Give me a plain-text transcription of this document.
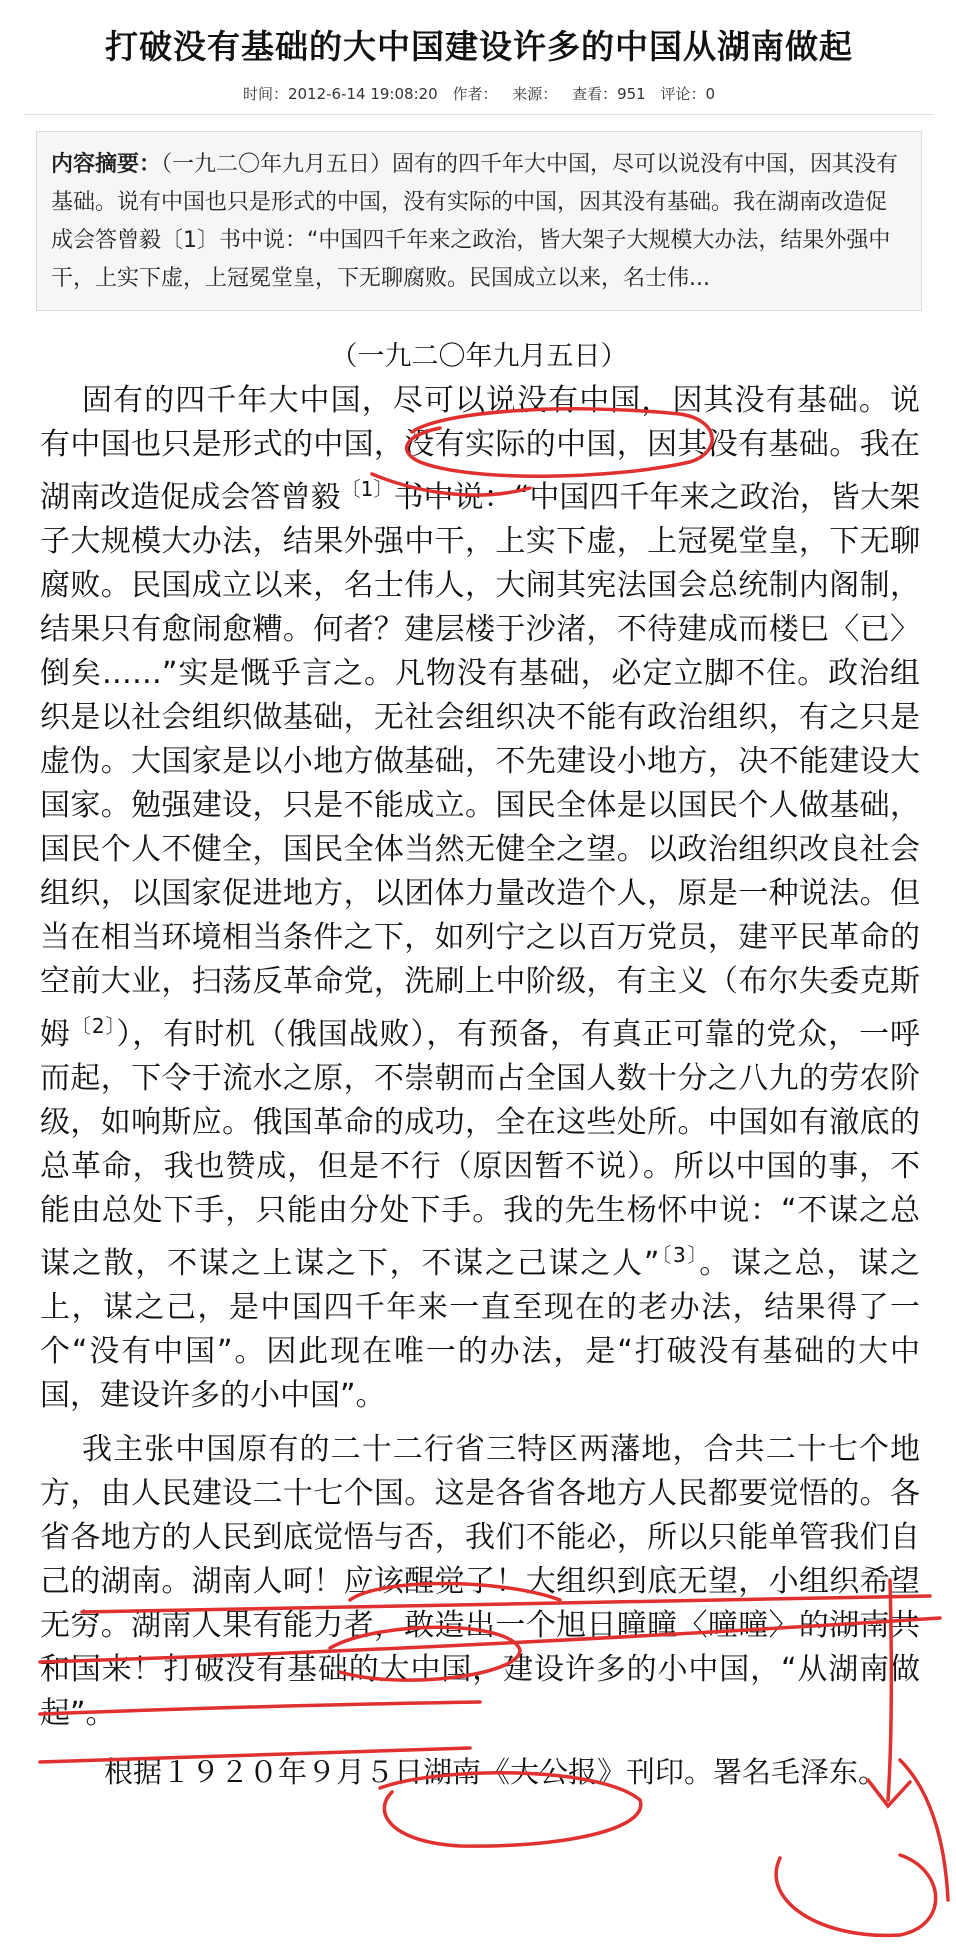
打破没有基础的大中国建设许多的中国从湖南做起
时间：2012-6-14 19:08:20 作者： 来源： 查看：951 评论：0
内容摘要：（一九二〇年九月五日）固有的四千年大中国，尽可以说没有中国，因其没有基础。说有中国也只是形式的中国，没有实际的中国，因其没有基础。我在湖南改造促成会答曾毅〔1〕书中说：“中国四千年来之政治，皆大架子大规模大办法，结果外强中干，上实下虚，上冠冕堂皇，下无聊腐败。民国成立以来，名士伟...
（一九二〇年九月五日）

固有的四千年大中国，尽可以说没有中国，因其没有基础。说有中国也只是形式的中国，没有实际的中国，因其没有基础。我在湖南改造促成会答曾毅$^{〔1〕}$书中说：“中国四千年来之政治，皆大架子大规模大办法，结果外强中干，上实下虚，上冠冕堂皇，下无聊腐败。民国成立以来，名士伟人，大闹其宪法国会总统制内阁制，结果只有愈闹愈糟。何者？建层楼于沙渚，不待建成而楼巳〈已〉倒矣……”实是慨乎言之。凡物没有基础，必定立脚不住。政治组织是以社会组织做基础，无社会组织决不能有政治组织，有之只是虚伪。大国家是以小地方做基础，不先建设小地方，决不能建设大国家。勉强建设，只是不能成立。国民全体是以国民个人做基础，国民个人不健全，国民全体当然无健全之望。以政治组织改良社会组织，以国家促进地方，以团体力量改造个人，原是一种说法。但当在相当环境相当条件之下，如列宁之以百万党员，建平民革命的空前大业，扫荡反革命党，洗刷上中阶级，有主义（布尔失委克斯姆$^{〔2〕}$），有时机（俄国战败），有预备，有真正可靠的党众，一呼而起，下令于流水之原，不崇朝而占全国人数十分之八九的劳农阶级，如响斯应。俄国革命的成功，全在这些处所。中国如有澈底的总革命，我也赞成，但是不行（原因暂不说）。所以中国的事，不能由总处下手，只能由分处下手。我的先生杨怀中说：“不谋之总谋之散，不谋之上谋之下，不谋之己谋之人”$^{〔3〕}$。谋之总，谋之上，谋之己，是中国四千年来一直至现在的老办法，结果得了一个“没有中国”。因此现在唯一的办法，是“打破没有基础的大中国，建设许多的小中国”。

我主张中国原有的二十二行省三特区两藩地，合共二十七个地方，由人民建设二十七个国。这是各省各地方人民都要觉悟的。各省各地方的人民到底觉悟与否，我们不能必，所以只能单管我们自己的湖南。湖南人呵！应该醒觉了！大组织到底无望，小组织希望无穷。湖南人果有能力者，敢造出一个旭日曈曈〈曈曈〉的湖南共和国来！打破没有基础的大中国，建设许多的小中国，“从湖南做起”。

根据１９２０年９月５日湖南《大公报》刊印。署名毛泽东。
